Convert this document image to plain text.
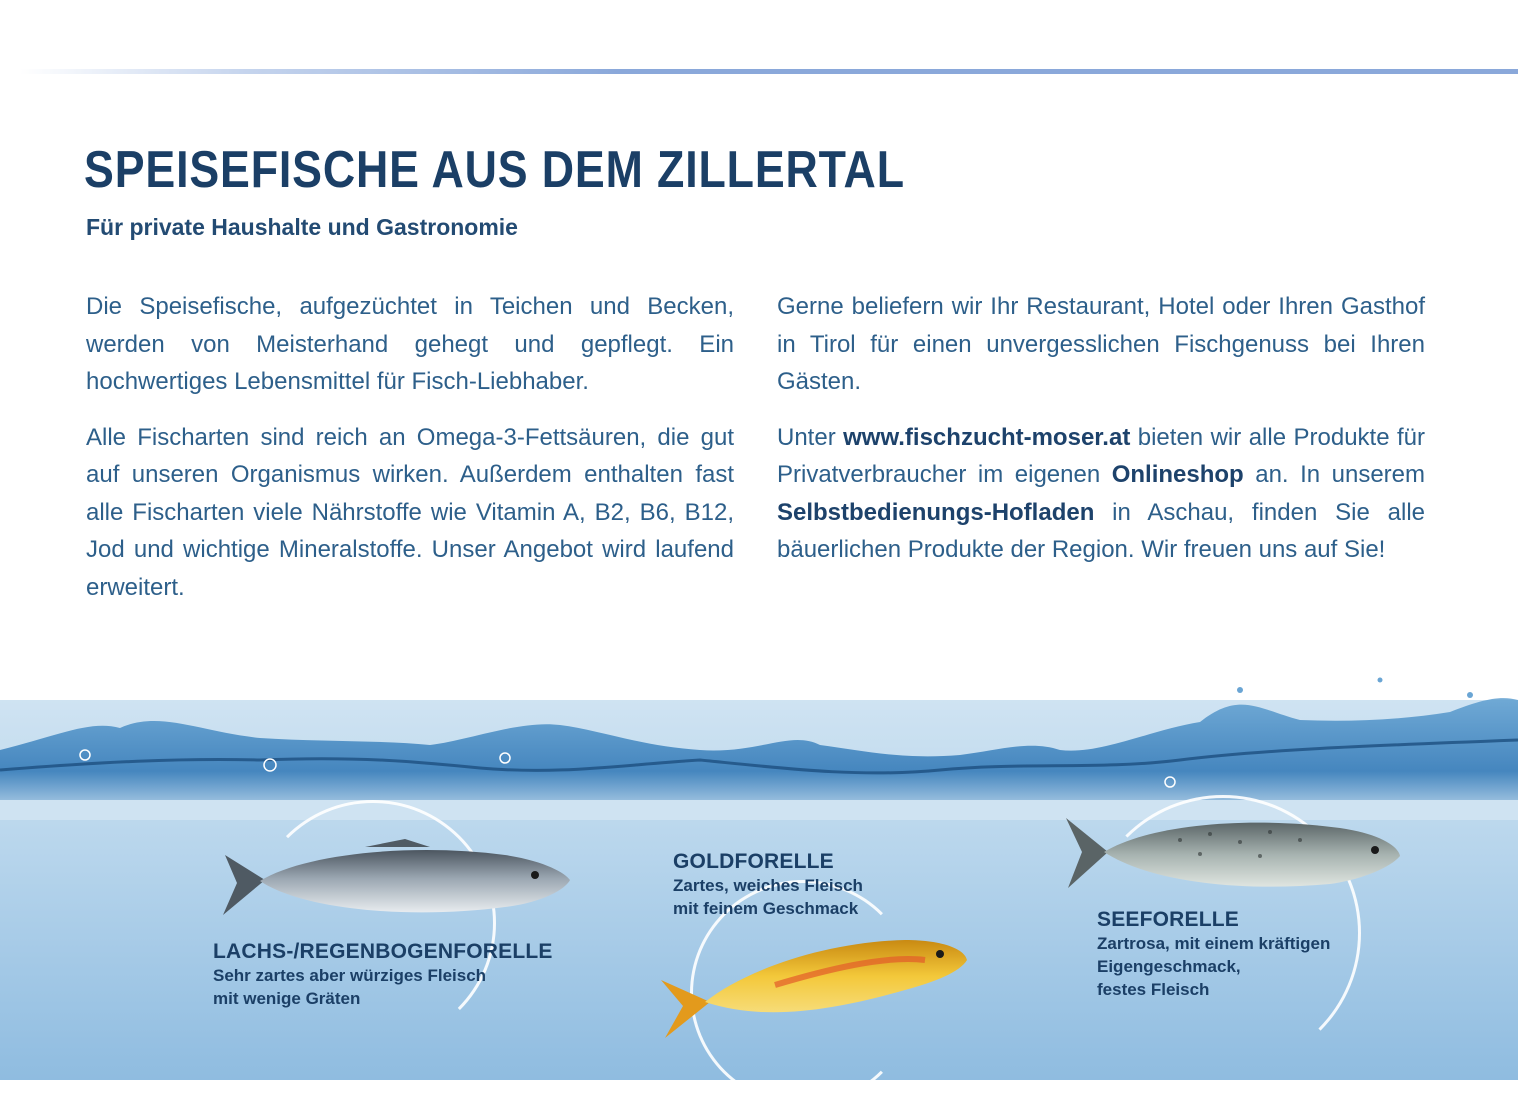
SPEISEFISCHE AUS DEM ZILLERTAL
Für private Haushalte und Gastronomie

Die Speisefische, aufgezüchtet in Teichen und Becken, werden von Meisterhand gehegt und gepflegt. Ein hochwertiges Lebensmittel für Fisch-Liebhaber.

Alle Fischarten sind reich an Omega-3-Fettsäuren, die gut auf unseren Organismus wirken. Außerdem enthalten fast alle Fischarten viele Nährstoffe wie Vitamin A, B2, B6, B12, Jod und wichtige Mineralstoffe. Unser Angebot wird laufend erweitert.

Gerne beliefern wir Ihr Restaurant, Hotel oder Ihren Gasthof in Tirol für einen unvergesslichen Fischgenuss bei Ihren Gästen.

Unter www.fischzucht-moser.at bieten wir alle Produkte für Privatverbraucher im eigenen Onlineshop an. In unserem Selbstbedienungs-Hofladen in Aschau, finden Sie alle bäuerlichen Produkte der Region. Wir freuen uns auf Sie!

LACHS-/REGENBOGENFORELLE
Sehr zartes aber würziges Fleisch
mit wenige Gräten
GOLDFORELLE
Zartes, weiches Fleisch
mit feinem Geschmack	SEEFORELLE
Zartrosa, mit einem kräftigen
Eigengeschmack,
festes Fleisch
